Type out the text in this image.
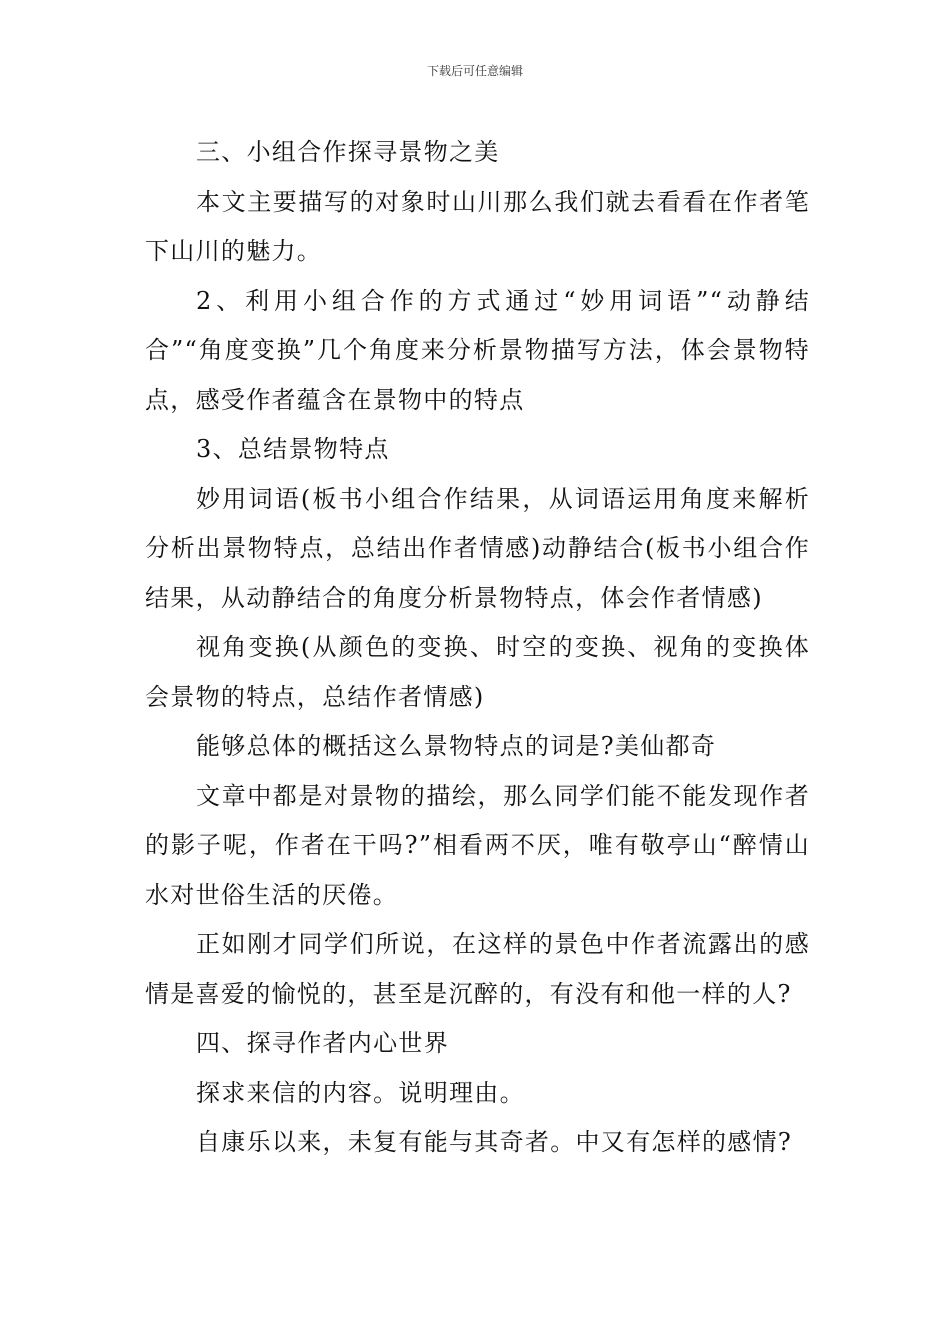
下载后可任意编辑

三、小组合作探寻景物之美

本文主要描写的对象时山川那么我们就去看看在作者笔下山川的魅力。

2、利用小组合作的方式通过“妙用词语”“动静结合”“角度变换”几个角度来分析景物描写方法，体会景物特点，感受作者蕴含在景物中的特点

3、总结景物特点

妙用词语(板书小组合作结果，从词语运用角度来解析分析出景物特点，总结出作者情感)动静结合(板书小组合作结果，从动静结合的角度分析景物特点，体会作者情感)

视角变换(从颜色的变换、时空的变换、视角的变换体会景物的特点，总结作者情感)

能够总体的概括这么景物特点的词是?美仙都奇

文章中都是对景物的描绘，那么同学们能不能发现作者的影子呢，作者在干吗?”相看两不厌，唯有敬亭山“醉情山水对世俗生活的厌倦。

正如刚才同学们所说，在这样的景色中作者流露出的感情是喜爱的愉悦的，甚至是沉醉的，有没有和他一样的人?

四、探寻作者内心世界

探求来信的内容。说明理由。

自康乐以来，未复有能与其奇者。中又有怎样的感情?
